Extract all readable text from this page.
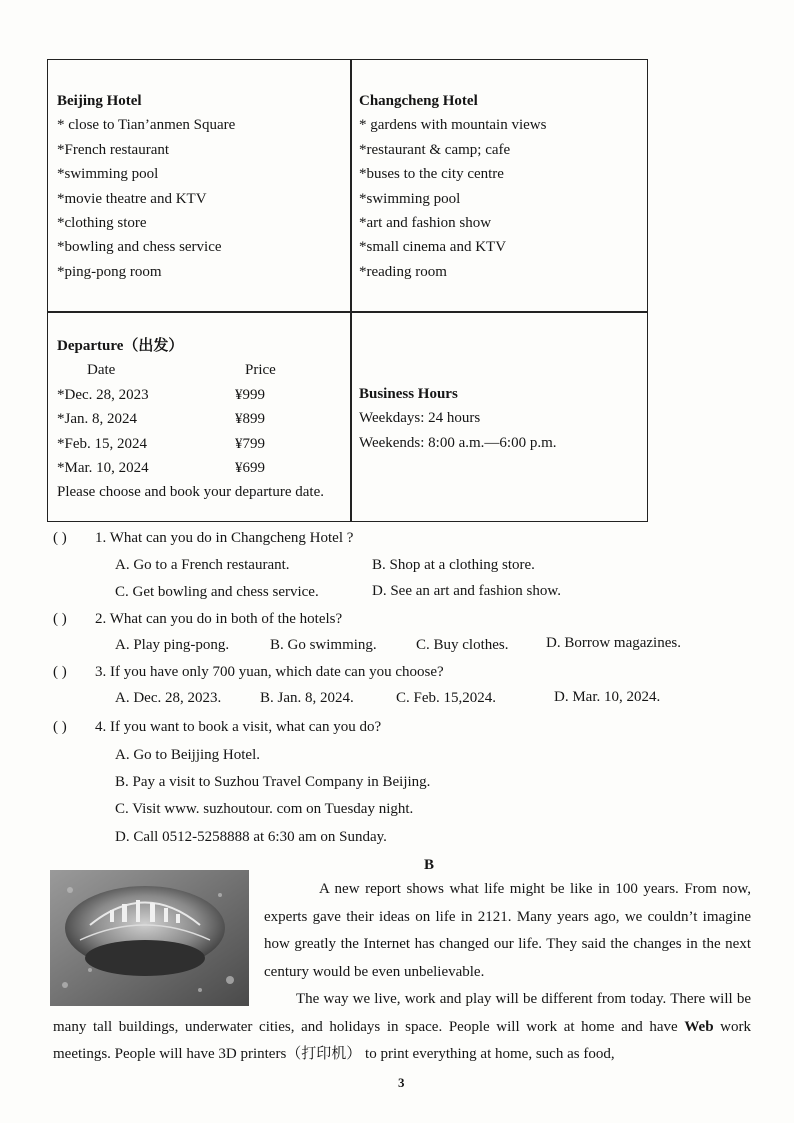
Beijing Hotel
* close to Tian’anmen Square
*French restaurant
*swimming pool
*movie theatre and KTV
*clothing store
*bowling and chess service
*ping-pong room
Changcheng Hotel
* gardens with mountain views
*restaurant & camp; cafe
*buses to the city centre
*swimming pool
*art and fashion show
*small cinema and KTV
*reading room
Departure（出发）
Date	Price
*Dec. 28, 2023	¥999
*Jan. 8, 2024	¥899
*Feb. 15, 2024	¥799
*Mar. 10, 2024	¥699
Please choose and book your departure date.
Business Hours
Weekdays: 24 hours
Weekends: 8:00 a.m.—6:00 p.m.
( ) 1. What can you do in Changcheng Hotel ?
A. Go to a French restaurant.	B. Shop at a clothing store.
C. Get bowling and chess service.	D. See an art and fashion show.
( ) 2. What can you do in both of the hotels?
A. Play ping-pong.	B. Go swimming.	C. Buy clothes.	D. Borrow magazines.
( ) 3. If you have only 700 yuan, which date can you choose?
A. Dec. 28, 2023.	B. Jan. 8, 2024.	C. Feb. 15,2024.	D. Mar. 10, 2024.
( ) 4. If you want to book a visit, what can you do?
A. Go to Beijjing Hotel.
B. Pay a visit to Suzhou Travel Company in Beijing.
C. Visit www. suzhoutour. com on Tuesday night.
D. Call 0512-5258888 at 6:30 am on Sunday.
B
A new report shows what life might be like in 100 years. From now, experts gave their ideas on life in 2121. Many years ago, we couldn’t imagine how greatly the Internet has changed our life. They said the changes in the next century would be even unbelievable.
The way we live, work and play will be different from today. There will be many tall buildings, underwater cities, and holidays in space. People will work at home and have Web work meetings. People will have 3D printers（打印机） to print everything at home, such as food,
3
